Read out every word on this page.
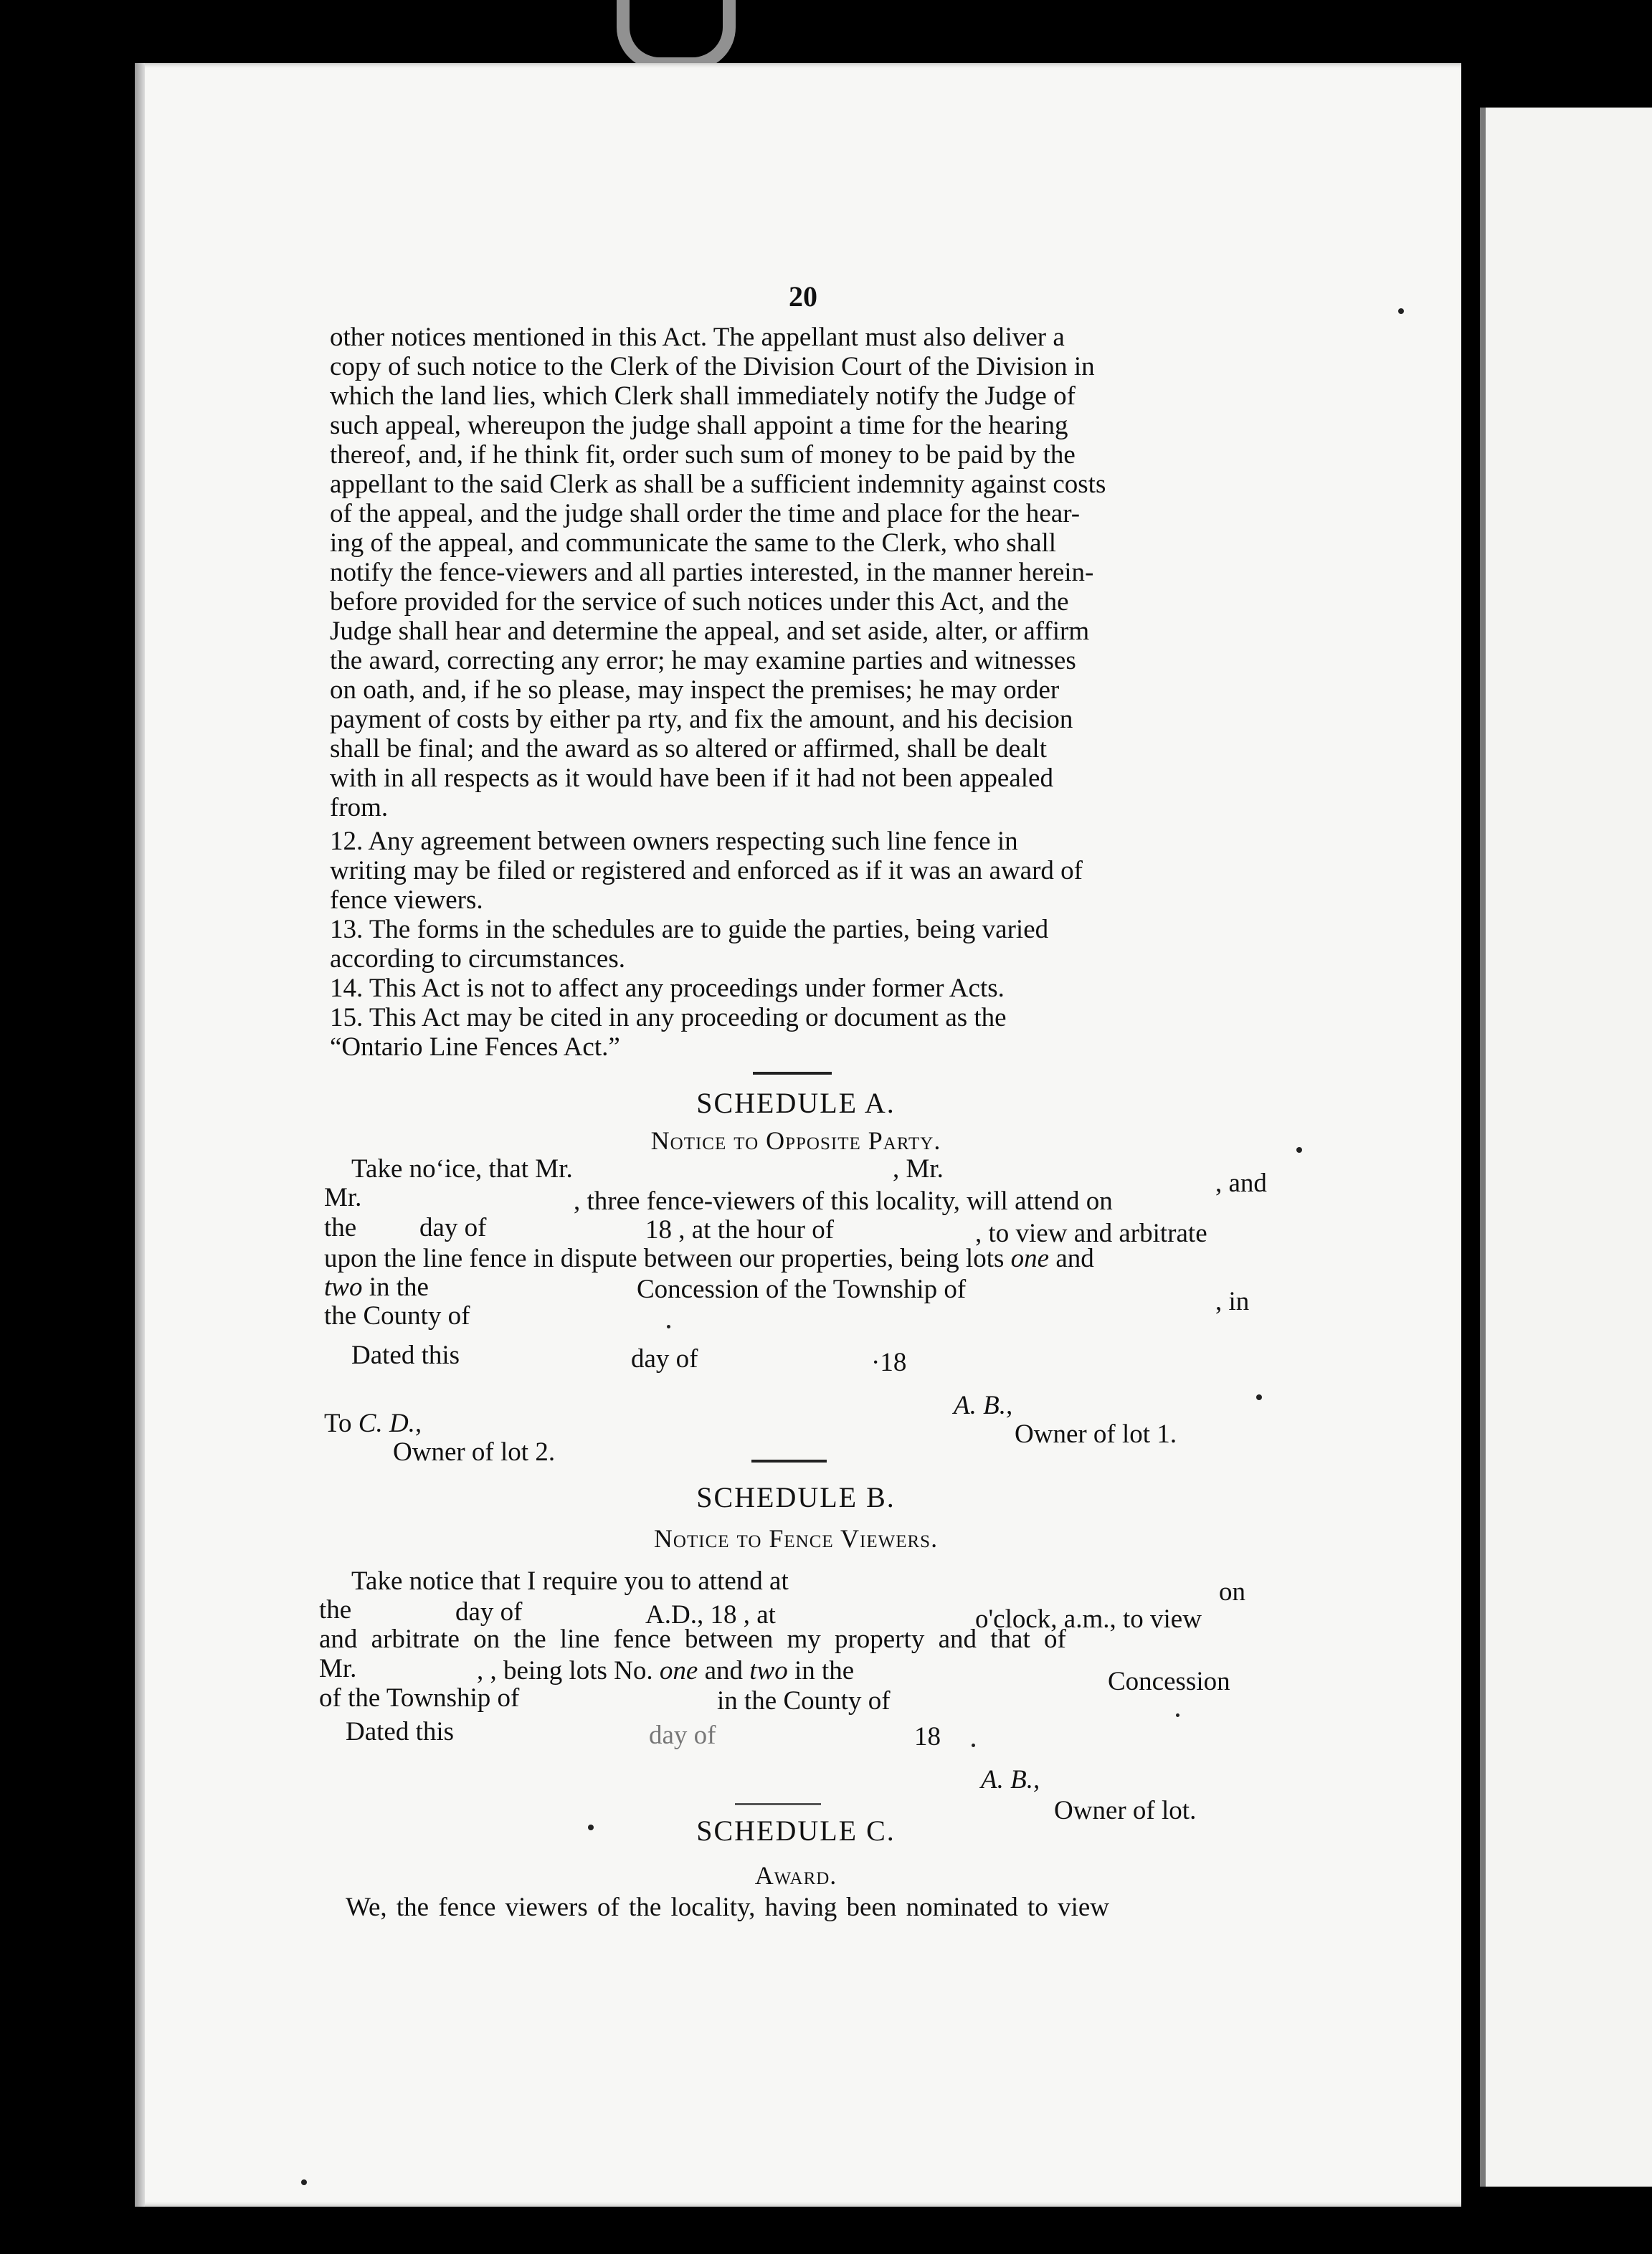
20

other notices mentioned in this Act. The appellant must also deliver a

copy of such notice to the Clerk of the Division Court of the Division in

which the land lies, which Clerk shall immediately notify the Judge of

such appeal, whereupon the judge shall appoint a time for the hearing

thereof, and, if he think fit, order such sum of money to be paid by the

appellant to the said Clerk as shall be a sufficient indemnity against costs

of the appeal, and the judge shall order the time and place for the hear-

ing of the appeal, and communicate the same to the Clerk, who shall

notify the fence-viewers and all parties interested, in the manner herein-

before provided for the service of such notices under this Act, and the

Judge shall hear and determine the appeal, and set aside, alter, or affirm

the award, correcting any error; he may examine parties and witnesses

on oath, and, if he so please, may inspect the premises; he may order

payment of costs by either pa rty, and fix the amount, and his decision

shall be final; and the award as so altered or affirmed, shall be dealt

with in all respects as it would have been if it had not been appealed

from.

12. Any agreement between owners respecting such line fence in

writing may be filed or registered and enforced as if it was an award of

fence viewers.

13. The forms in the schedules are to guide the parties, being varied

according to circumstances.

14. This Act is not to affect any proceedings under former Acts.

15. This Act may be cited in any proceeding or document as the

“Ontario Line Fences Act.”

SCHEDULE A.
Notice to Opposite Party.
Take no‘ice, that Mr.	, Mr.	, and
Mr.	, three fence-viewers of this locality, will attend on
the day of	18 , at the hour of	, to view and arbitrate
upon the line fence in dispute between our properties, being lots one and
two in the	Concession of the Township of	, in
the County of
Dated this	day of	·18
A. B.,
To C. D.,	Owner of lot 1.
Owner of lot 2.
SCHEDULE B.
Notice to Fence Viewers.
Take notice that I require you to attend at	on
the	day of	A.D., 18 , at	o'clock, a.m., to view
and arbitrate on the line fence between my property and that of
Mr.	, , being lots No. one and two in the	Concession
of the Township of	in the County of
Dated this	day of	18
A. B.,
Owner of lot.
SCHEDULE C.
Award.
We, the fence viewers of the locality, having been nominated to view
